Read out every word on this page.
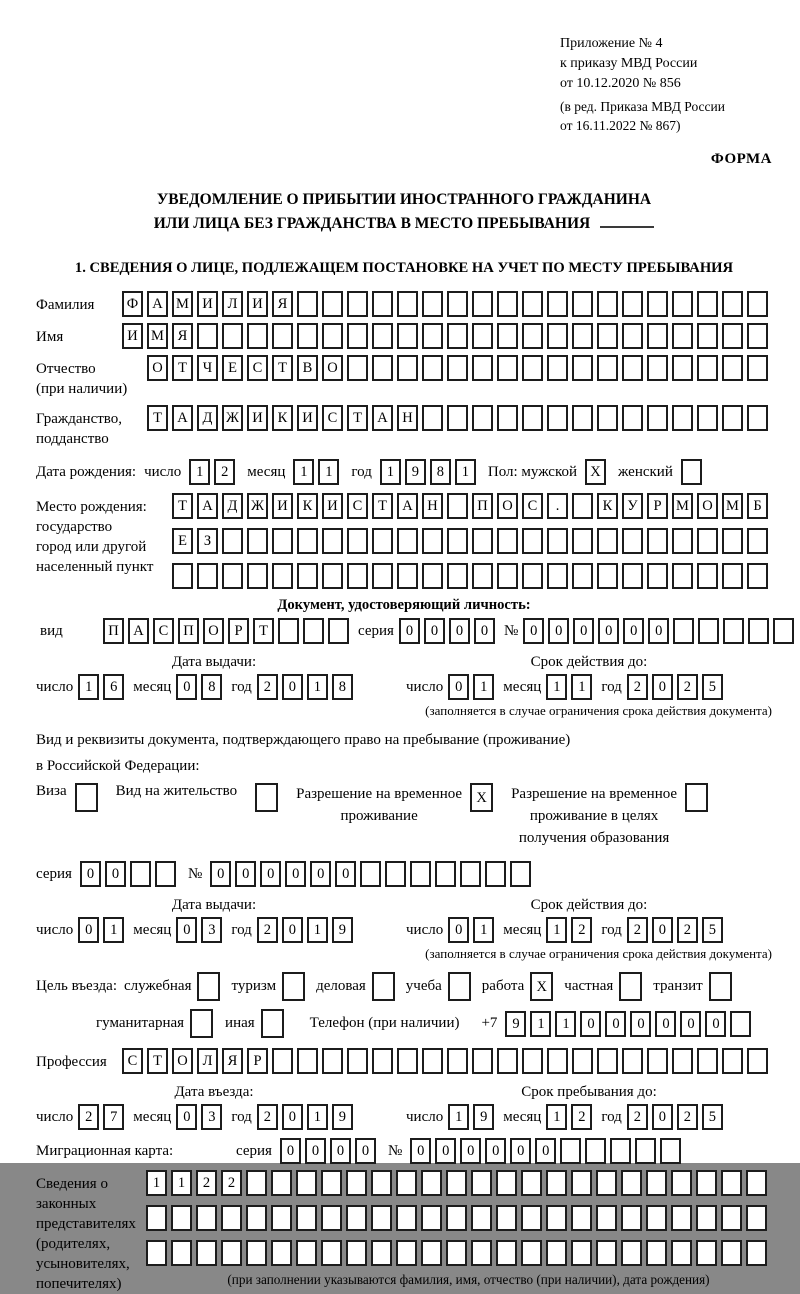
Приложение № 4
к приказу МВД России
от 10.12.2020 № 856
(в ред. Приказа МВД России
от 16.11.2022 № 867)
ФОРМА
УВЕДОМЛЕНИЕ О ПРИБЫТИИ ИНОСТРАННОГО ГРАЖДАНИНА
ИЛИ ЛИЦА БЕЗ ГРАЖДАНСТВА В МЕСТО ПРЕБЫВАНИЯ
1. СВЕДЕНИЯ О ЛИЦЕ, ПОДЛЕЖАЩЕМ ПОСТАНОВКЕ НА УЧЕТ ПО МЕСТУ ПРЕБЫВАНИЯ
Фамилия	Ф А М И	Л	И	Я
Имя	И М Я
Отчество
(при наличии)
О	Т	Ч	Е	С	Т	В	О
Гражданство,
подданство
Т	А	Д Ж И	К	И	С	Т	А	Н
Дата рождения: число	1	2	месяц	1	1	год	1	9	8	1	Пол: мужской X	женский
Место рождения:
государство
город или другой
населенный пункт
Т	А	Д Ж И	К	И	С	Т	А	Н	П	О	С	.	К	У	Р	М О М Б
Е	З
Документ, удостоверяющий личность:
вид	П	А	С	П	О	Р	Т	серия 0	0	0	0	№ 0	0	0	0	0	0
Дата выдачи:
число 1	6	месяц 0	8	год 2	0	1	8
Срок действия до:
число 0	1	месяц 1	1	год 2	0	2	5
(заполняется в случае ограничения срока действия документа)
Вид и реквизиты документа, подтверждающего право на пребывание (проживание)
в Российской Федерации:
Виза	Вид на жительство	Разрешение на временное
проживание
X	Разрешение на временное
проживание в целях
получения образования
серия	0	0	№	0	0	0	0	0	0
Дата выдачи:
число 0	1	месяц 0	3	год 2	0	1	9
Срок действия до:
число 0	1	месяц 1	2	год 2	0	2	5
(заполняется в случае ограничения срока действия документа)
Цель въезда: служебная	туризм	деловая	учеба	работа X	частная	транзит
гуманитарная	иная	Телефон (при наличии) +7	9	1	1	0	0	0	0	0	0
Профессия	С	Т	О	Л	Я	Р
Дата въезда:
число 2	7	месяц 0	3	год 2	0	1	9
Срок пребывания до:
число 1	9	месяц 1	2	год 2	0	2	5
Миграционная карта:	серия	0	0	0	0	№	0	0	0	0	0	0
Сведения о
законных
представителях
(родителях,
усыновителях,
попечителях)
1	1	2	2
(при заполнении указываются фамилия, имя, отчество (при наличии), дата рождения)
